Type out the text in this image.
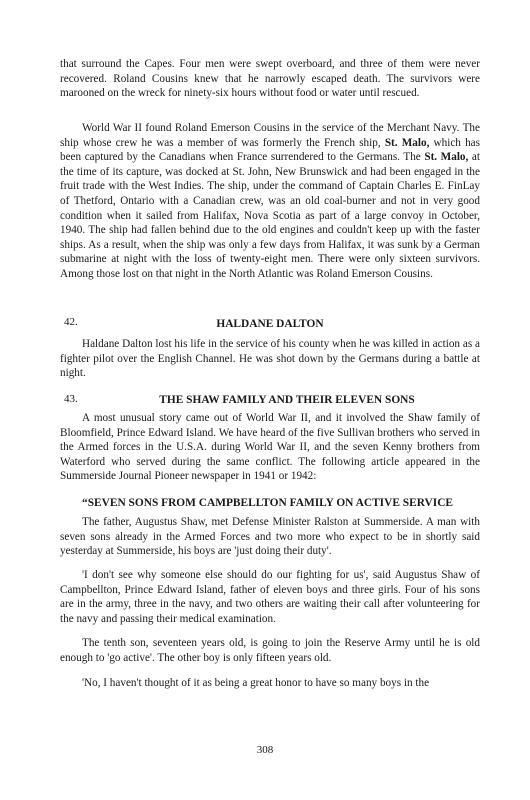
that surround the Capes. Four men were swept overboard, and three of them were never recovered. Roland Cousins knew that he narrowly escaped death. The survivors were marooned on the wreck for ninety-six hours without food or water until rescued.

World War II found Roland Emerson Cousins in the service of the Merchant Navy. The ship whose crew he was a member of was formerly the French ship, St. Malo, which has been captured by the Canadians when France surrendered to the Germans. The St. Malo, at the time of its capture, was docked at St. John, New Brunswick and had been engaged in the fruit trade with the West Indies. The ship, under the command of Captain Charles E. FinLay of Thetford, Ontario with a Canadian crew, was an old coal-burner and not in very good condition when it sailed from Halifax, Nova Scotia as part of a large convoy in October, 1940. The ship had fallen behind due to the old engines and couldn't keep up with the faster ships. As a result, when the ship was only a few days from Halifax, it was sunk by a German submarine at night with the loss of twenty-eight men. There were only sixteen survivors. Among those lost on that night in the North Atlantic was Roland Emerson Cousins.

42.	HALDANE DALTON

Haldane Dalton lost his life in the service of his county when he was killed in action as a fighter pilot over the English Channel. He was shot down by the Germans during a battle at night.

43.	THE SHAW FAMILY AND THEIR ELEVEN SONS

A most unusual story came out of World War II, and it involved the Shaw family of Bloomfield, Prince Edward Island. We have heard of the five Sullivan brothers who served in the Armed forces in the U.S.A. during World War II, and the seven Kenny brothers from Waterford who served during the same conflict. The following article appeared in the Summerside Journal Pioneer newspaper in 1941 or 1942:

“SEVEN SONS FROM CAMPBELLTON FAMILY ON ACTIVE SERVICE

The father, Augustus Shaw, met Defense Minister Ralston at Summerside. A man with seven sons already in the Armed Forces and two more who expect to be in shortly said yesterday at Summerside, his boys are 'just doing their duty'.

'I don't see why someone else should do our fighting for us', said Augustus Shaw of Campbellton, Prince Edward Island, father of eleven boys and three girls. Four of his sons are in the army, three in the navy, and two others are waiting their call after volunteering for the navy and passing their medical examination.

The tenth son, seventeen years old, is going to join the Reserve Army until he is old enough to 'go active'. The other boy is only fifteen years old.

'No, I haven't thought of it as being a great honor to have so many boys in the

308
